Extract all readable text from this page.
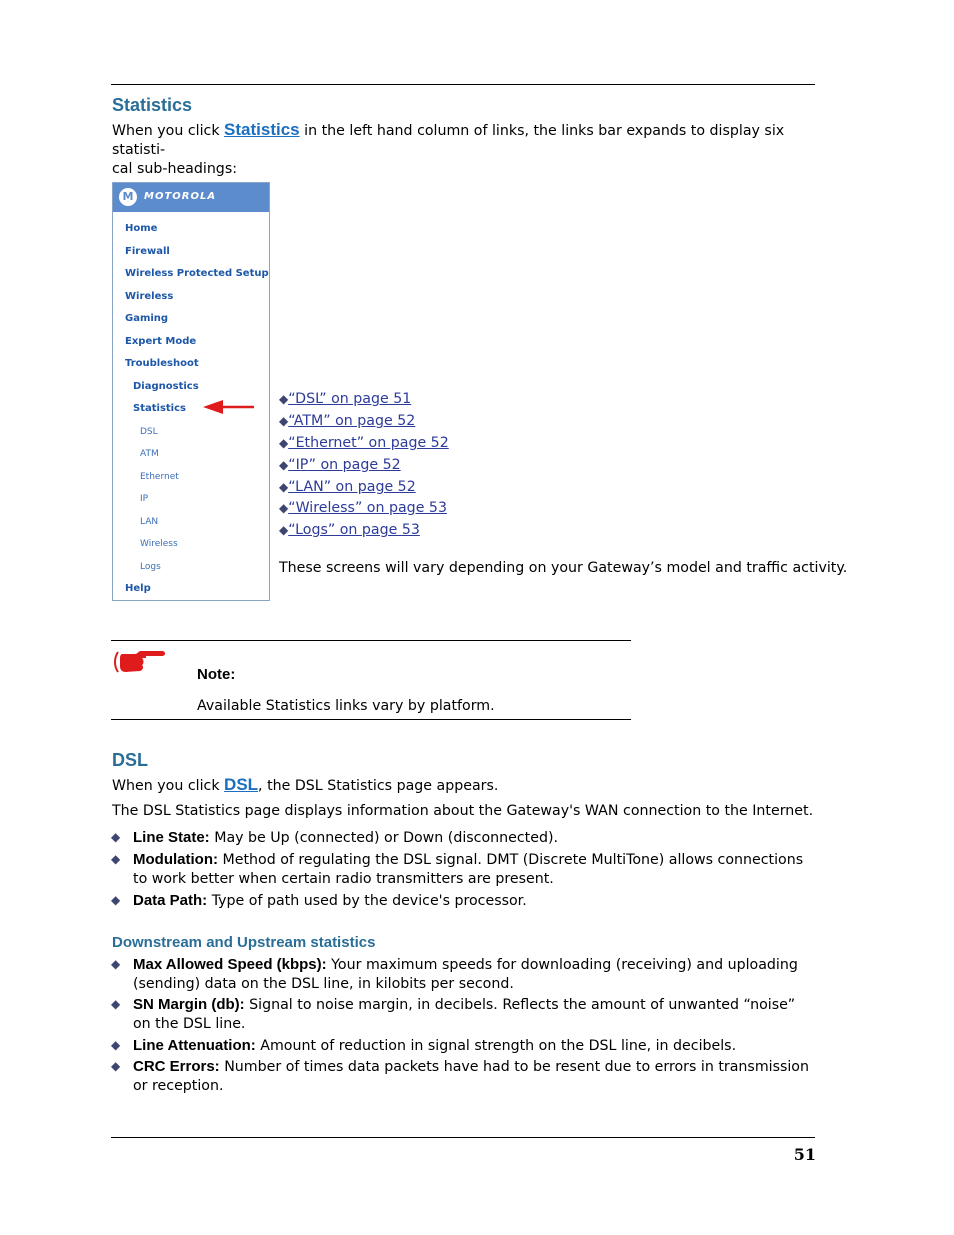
Statistics
When you click Statistics in the left hand column of links, the links bar expands to display six statisti-
cal sub-headings:
M	MOTOROLA
Home
Firewall
Wireless Protected Setup
Wireless
Gaming
Expert Mode
Troubleshoot
Diagnostics
Statistics
DSL
ATM
Ethernet
IP
LAN
Wireless
Logs
Help
◆“DSL” on page 51
◆“ATM” on page 52
◆“Ethernet” on page 52
◆“IP” on page 52
◆“LAN” on page 52
◆“Wireless” on page 53
◆“Logs” on page 53
These screens will vary depending on your Gateway’s model and traffic activity.
Note:
Available Statistics links vary by platform.
DSL
When you click DSL, the DSL Statistics page appears.
The DSL Statistics page displays information about the Gateway's WAN connection to the Internet.
◆ Line State: May be Up (connected) or Down (disconnected).
◆ Modulation: Method of regulating the DSL signal. DMT (Discrete MultiTone) allows connections to work better when certain radio transmitters are present.
◆ Data Path: Type of path used by the device's processor.
Downstream and Upstream statistics
◆ Max Allowed Speed (kbps): Your maximum speeds for downloading (receiving) and uploading (sending) data on the DSL line, in kilobits per second.
◆ SN Margin (db): Signal to noise margin, in decibels. Reflects the amount of unwanted “noise” on the DSL line.
◆ Line Attenuation: Amount of reduction in signal strength on the DSL line, in decibels.
◆ CRC Errors: Number of times data packets have had to be resent due to errors in transmission or reception.
51
